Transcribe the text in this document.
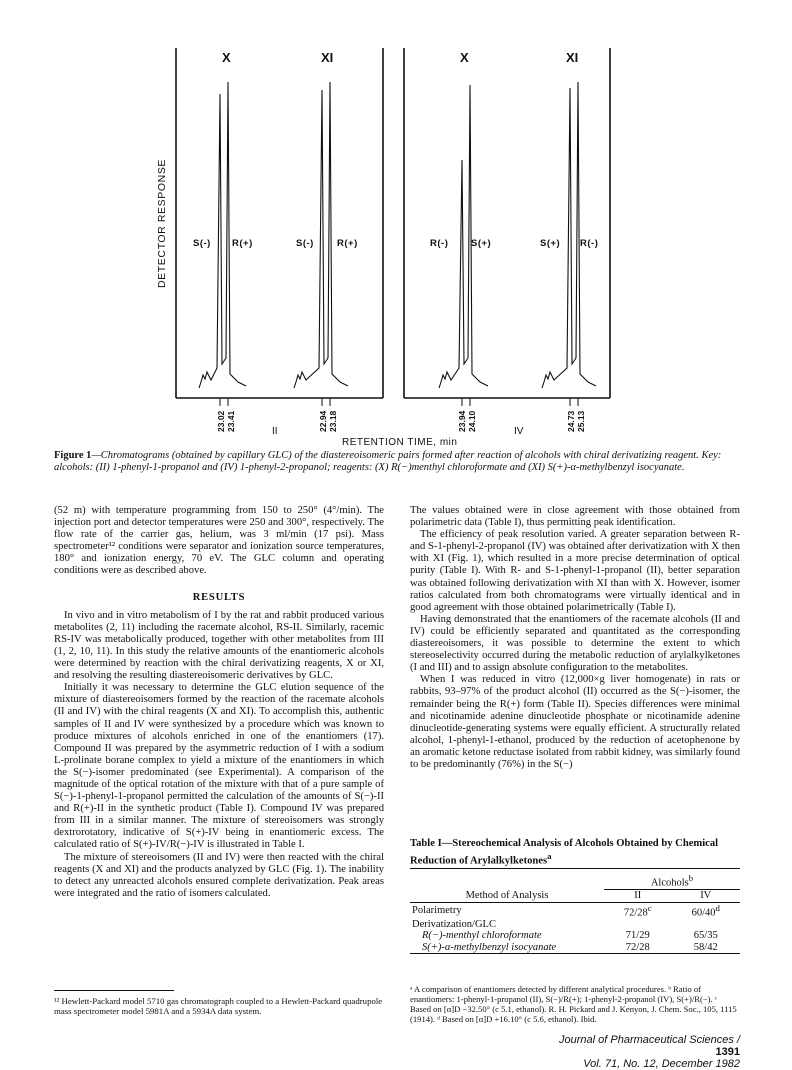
X	XI	X	XI
S(-) R(+)	S(-) R(+)	R(-) S(+)	S(+) R(-)
23.02 23.41	22.94 23.18	23.94 24.10	24.73 25.13
II	IV
DETECTOR RESPONSE
RETENTION TIME, min
Figure 1—Chromatograms (obtained by capillary GLC) of the diastereoisomeric pairs formed after reaction of alcohols with chiral derivatizing reagent. Key: alcohols: (II) 1-phenyl-1-propanol and (IV) 1-phenyl-2-propanol; reagents: (X) R(−)menthyl chloroformate and (XI) S(+)-α-methylbenzyl isocyanate.

(52 m) with temperature programming from 150 to 250° (4°/min). The injection port and detector temperatures were 250 and 300°, respectively. The flow rate of the carrier gas, helium, was 3 ml/min (17 psi). Mass spectrometer¹² conditions were separator and ionization source temperatures, 180° and ionization energy, 70 eV. The GLC column and operating conditions were as described above.

RESULTS

In vivo and in vitro metabolism of I by the rat and rabbit produced various metabolites (2, 11) including the racemate alcohol, RS-II. Similarly, racemic RS-IV was metabolically produced, together with other metabolites from III (1, 2, 10, 11). In this study the relative amounts of the enantiomeric alcohols were determined by reaction with the chiral derivatizing reagents, X or XI, and resolving the resulting diastereoisomeric derivatives by GLC.

Initially it was necessary to determine the GLC elution sequence of the mixture of diastereoisomers formed by the reaction of the racemate alcohols (II and IV) with the chiral reagents (X and XI). To accomplish this, authentic samples of II and IV were synthesized by a procedure which was known to produce mixtures of alcohols enriched in one of the enantiomers (17). Compound II was prepared by the asymmetric reduction of I with a sodium L-prolinate borane complex to yield a mixture of the enantiomers in which the S(−)-isomer predominated (see Experimental). A comparison of the magnitude of the optical rotation of the mixture with that of a pure sample of S(−)-1-phenyl-1-propanol permitted the calculation of the amounts of S(−)-II and R(+)-II in the synthetic product (Table I). Compound IV was prepared from III in a similar manner. The mixture of stereoisomers was strongly dextrorotatory, indicative of S(+)-IV being in enantiomeric excess. The calculated ratio of S(+)-IV/R(−)-IV is illustrated in Table I.

The mixture of stereoisomers (II and IV) were then reacted with the chiral reagents (X and XI) and the products analyzed by GLC (Fig. 1). The inability to detect any unreacted alcohols ensured complete derivatization. Peak areas were integrated and the ratio of isomers calculated.

¹² Hewlett-Packard model 5710 gas chromatograph coupled to a Hewlett-Packard quadrupole mass spectrometer model 5981A and a 5934A data system.

The values obtained were in close agreement with those obtained from polarimetric data (Table I), thus permitting peak identification.

The efficiency of peak resolution varied. A greater separation between R- and S-1-phenyl-2-propanol (IV) was obtained after derivatization with X then with XI (Fig. 1), which resulted in a more precise determination of optical purity (Table I). With R- and S-1-phenyl-1-propanol (II), better separation was obtained following derivatization with XI than with X. However, isomer ratios calculated from both chromatograms were virtually identical and in good agreement with those obtained polarimetrically (Table I).

Having demonstrated that the enantiomers of the racemate alcohols (II and IV) could be efficiently separated and quantitated as the corresponding diastereoisomers, it was possible to determine the extent to which stereoselectivity occurred during the metabolic reduction of arylalkylketones (I and III) and to assign absolute configuration to the metabolites.

When I was reduced in vitro (12,000×g liver homogenate) in rats or rabbits, 93–97% of the product alcohol (II) occurred as the S(−)-isomer, the remainder being the R(+) form (Table II). Species differences were minimal and nicotinamide adenine dinucleotide phosphate or nicotinamide adenine dinucleotide-generating systems were equally efficient. A structurally related alcohol, 1-phenyl-1-ethanol, produced by the reduction of acetophenone by an aromatic ketone reductase isolated from rabbit kidney, was similarly found to be predominantly (76%) in the S(−)

Table I—Stereochemical Analysis of Alcohols Obtained by Chemical Reduction of Arylalkylketones$^a$

	Alcohols$^b$
Method of Analysis	II	IV
Polarimetry	72/28$^c$	60/40$^d$
Derivatization/GLC		
R(−)-menthyl chloroformate	71/29	65/35
S(+)-α-methylbenzyl isocyanate	72/28	58/42
ᵃ A comparison of enantiomers detected by different analytical procedures. ᵇ Ratio of enantiomers: 1-phenyl-1-propanol (II), S(−)/R(+); 1-phenyl-2-propanol (IV), S(+)/R(−). ᶜ Based on [α]D −32.50° (c 5.1, ethanol). R. H. Pickard and J. Kenyon, J. Chem. Soc., 105, 1115 (1914). ᵈ Based on [α]D +16.10° (c 5.6, ethanol). Ibid.
Journal of Pharmaceutical Sciences / 1391
Vol. 71, No. 12, December 1982
